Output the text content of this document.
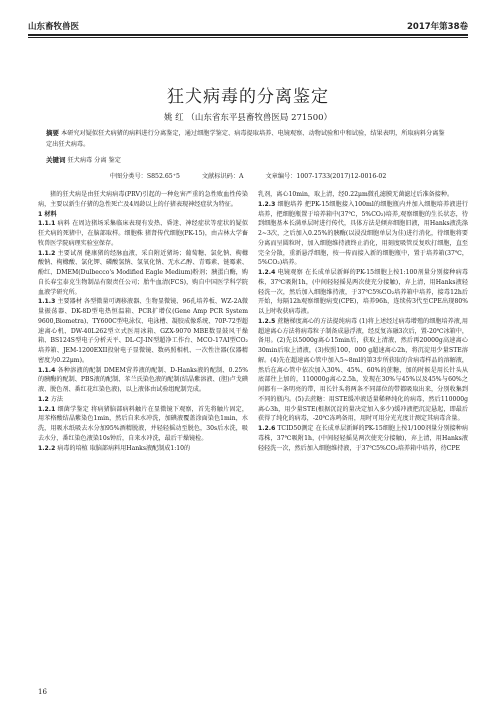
山东畜牧兽医	2017年第38卷
狂犬病毒的分离鉴定
姚 红 （山东省东平县畜牧兽医局 271500）
摘要 本研究对疑似狂犬病猪的病料进行分离鉴定，通过细胞学鉴定、病毒提取培养、电镜观察、动物试验和中和试验，结果表明，所取病料分离鉴定出狂犬病毒。
关键词 狂犬病毒 分离 鉴定
中图分类号：S852.65⁺5	文献标识码：A	文章编号：1007-1733(2017)12-0016-02

猪的狂犬病是由狂犬病病毒(PRV)引起的一种危害严重的急性败血性传染病，主要以新生仔猪的急性死亡及4周龄以上的仔猪表现神经症状为特征。

1 材料

1.1.1 病料 在周边猪场采集临床表现有发热、昏迷、神经症状等症状的疑似狂犬病的死猪中，在脑部取样。细胞株 猪肾传代细胞(PK-15)，由吉林大学畜牧兽医学院病理实验室保存。

1.1.2 主要试剂 健康猪的经脉血液，采自附近猪场；葡萄糖、氯化钠、枸橼酸钠、枸橼酸、氯化钾、磷酸氢钠、氢氧化钠、无水乙醇、青霉素、链霉素、酚红、DMEM(Dulbecco's Modified Eagle Medium)粉剂；胰蛋白酶，购自长春宝泰克生物制品有限责任公司；胎牛血清(FCS)，购自中国医学科学院血液学研究所。

1.1.3 主要器材 各型微量可调移液器、生物显微镜、96孔培养板、WZ-2A微量振荡器、DK-8D型电热恒温箱、PCR扩增仪(Gene Amp PCR System 9600,Biometra)、TY600C型电泳仪、电泳槽、凝胶成像系统、70P-72型超速离心机、DW-40L262型立式医用冰箱、GZX-9070 MBE数显鼓风干燥箱、BS124S型电子分析天平、DL-CJ-IN型超净工作台、MCO-17AI型CO₂培养箱、JEM-1200EXII投射电子显微镜、数码照相机、一次性注器(仪器精密度为0.22μm)。

1.1.4 各种溶液的配制 DMEM营养液的配制、D-Hanks液的配制、0.25%的胰酶的配制、PBS液的配制、苯兰氏染色液的配制(结晶紫溶液、(胆)卢戈碘液、脱色剂、番红花红染色液)，以上液体由试验组配制完成。

1.2 方法

1.2.1 细菌学鉴定 将病猪脑部病料触片在显微镜下观察，首先将触片固定，用苯格酸结晶紫染色1min，然后自来水冲洗，加碘液覆盖涂面染色1min，水洗，用吸水纸吸去水分加95%酒精脱液，并轻轻摇动至脱色，30s后水洗，吸去水分，番红染色液染10s钟后，自来水冲洗，最后干燥镜检。

1.2.2 病毒的培植 取脑部病料用Hanks液配制成1:10的

乳剂，离心10min，取上清，经0.22μm微孔滤膜无菌滤过后准备接种。

1.2.3 细胞培养 把PK-15细胞接入100ml的细胞瓶内并加入细胞培养液进行培养，把细胞瓶置于培养箱中(37℃，5%CO₂)培养,观察细胞的生长状态，待到细胞基本长满单层时进行传代，具体方法是倾弃细胞旧液，用Hanks液洗涤2~3次，之后加入0.25%的胰酶(以浸没细胞单层为佳)进行消化，待细胞将要分离而呈圆粒时，加入细胞维持液终止消化，用刻度吸管反复吹打细胞，直至完全分散，重新悬浮细胞，按一传而接入新的细胞瓶中，置于培养箱(37℃，5%CO₂)培养。

1.2.4 电镜观察 在长成单层新鲜的PK-15细胞上按1:100剂量分别接种病毒株，37℃吸附1h，(中间轻轻摇晃两次使充分接触)，弃上清，用Hanks液轻轻洗一次，然后加入细胞维持液，于37℃5%CO₂培养箱中培养，接毒12h后开始，每隔12h观察细胞病变(CPE)，培养96h，连续传3代至CPE出现80%以上时收获病毒液。

1.2.5 蔗糖梯度离心的方法提纯病毒 (1)将上述经过病毒增殖的细胞培养液,用超速离心方法将病毒粒子制备成悬浮液，经反复冻融3次后，置-20℃冰箱中，备用。(2)先以5000g离心15min后，获取上清液，然后再20000g高速离心30min后取上清液，(3)按照100，000 g超速离心2h，将沉淀用少量STE溶解。(4)先在超速离心管中加入5~8ml的第3步所获取的含病毒样品的溶解液，然后在离心管中依次加入30%、45%、60%的蔗糖，加的时候是用长针头从底部往上加的，110000g离心2.5h，发现在30%与45%以及45%与60%之间都有一条明亮的带，用长针头将两条不同部位的带都吸取出来，分别收集到不同的瓶内。(5)去蔗糖：用STE缓冲液适量稀释纯化的病毒，然后110000g离心3h，用少量STE(根据沉淀的量决定加入多少)缓冲液把沉淀悬起，即最后获得了纯化的病毒，-20℃冻鸣备用，用时可用分光光度计测定其病毒含量。

1.2.6 TCID50测定 在长成单层新鲜的PK-15细胞上按1/100剂量分别接种病毒株，37℃吸附1h，(中间轻轻摇晃两次使充分接触)，弃上清，用Hanks液轻轻洗一次，然后加入细胞维持液，于37℃5%CO₂培养箱中培养，待CPE

16
